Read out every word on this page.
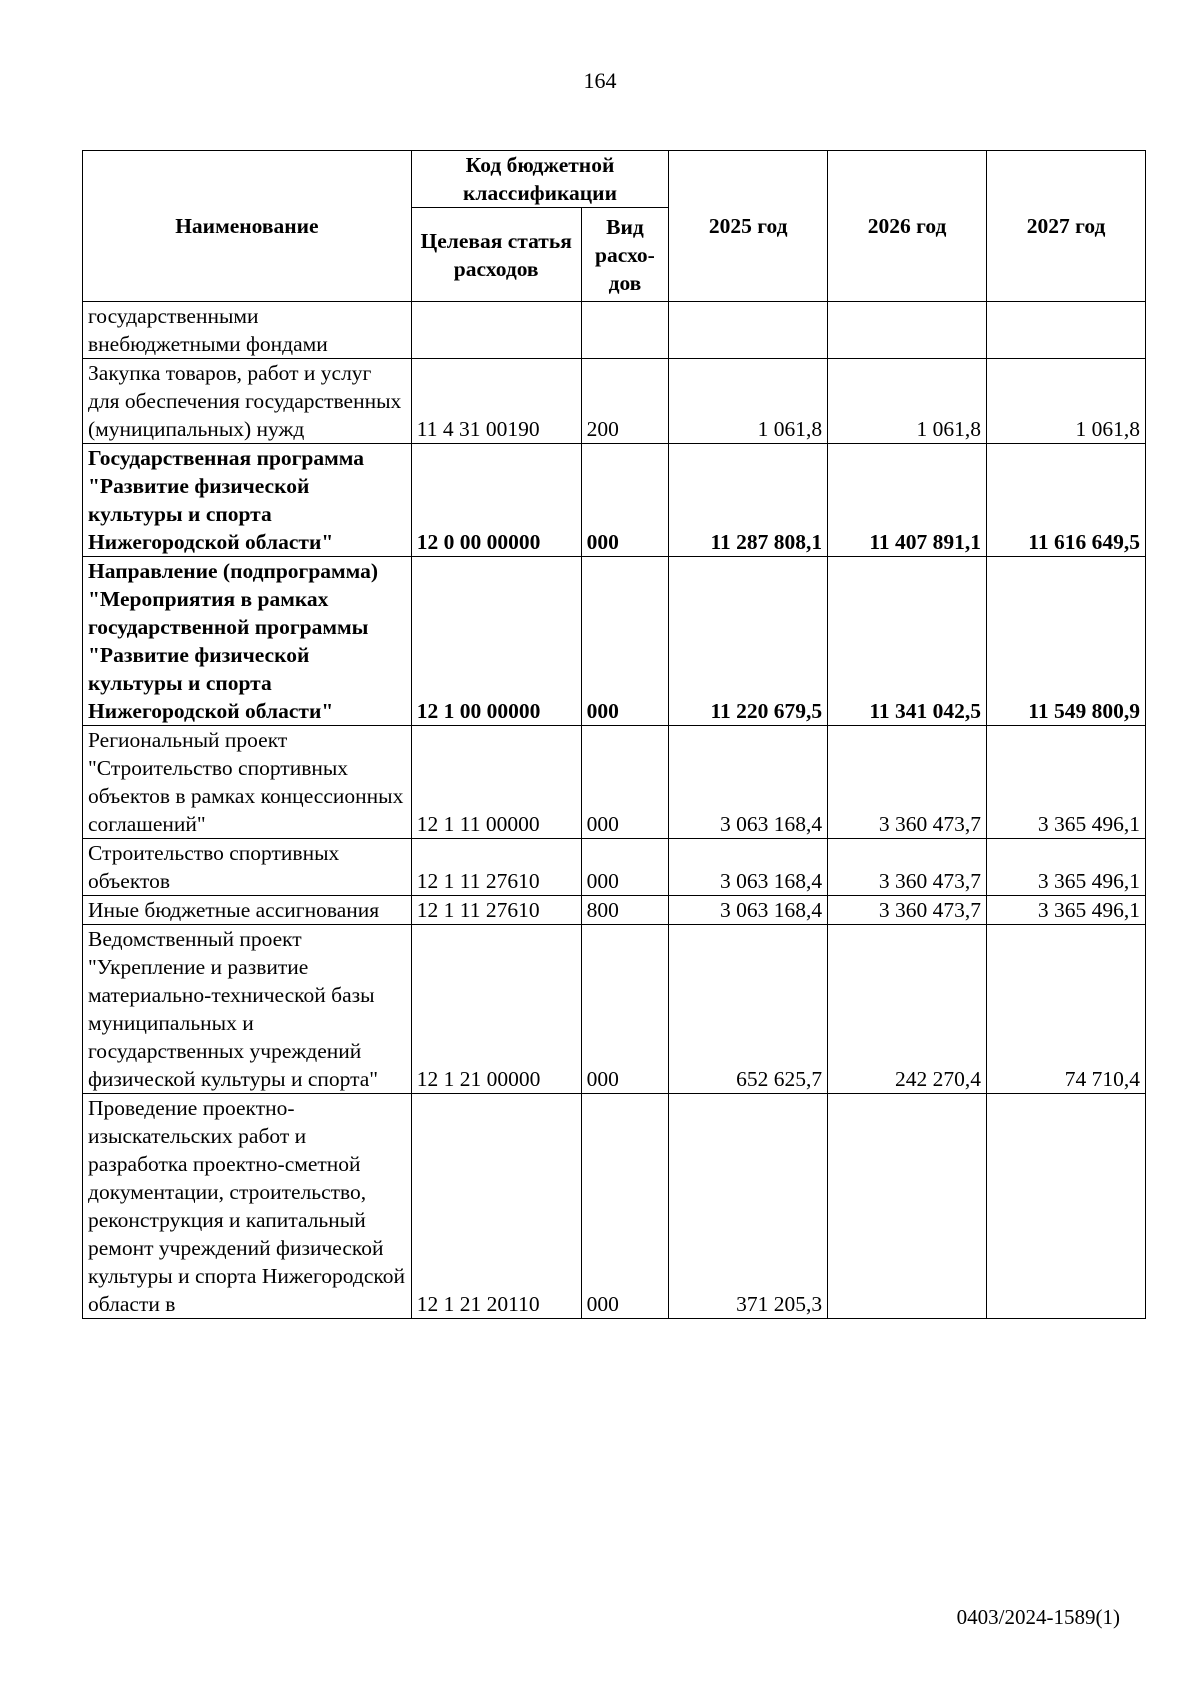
164
Наименование	Код бюджетной классификации		2025 год	2026 год	2027 год
	Целевая статья расходов	Вид расхо- дов			
государственными внебюджетными фондами					
Закупка товаров, работ и услуг для обеспечения государственных (муниципальных) нужд	11 4 31 00190	200	1 061,8	1 061,8	1 061,8
Государственная программа "Развитие физической культуры и спорта Нижегородской области"	12 0 00 00000	000	11 287 808,1	11 407 891,1	11 616 649,5
Направление (подпрограмма) "Мероприятия в рамках государственной программы "Развитие физической культуры и спорта Нижегородской области"	12 1 00 00000	000	11 220 679,5	11 341 042,5	11 549 800,9
Региональный проект "Строительство спортивных объектов в рамках концессионных соглашений"	12 1 11 00000	000	3 063 168,4	3 360 473,7	3 365 496,1
Строительство спортивных объектов	12 1 11 27610	000	3 063 168,4	3 360 473,7	3 365 496,1
Иные бюджетные ассигнования	12 1 11 27610	800	3 063 168,4	3 360 473,7	3 365 496,1
Ведомственный проект "Укрепление и развитие материально-технической базы муниципальных и государственных учреждений физической культуры и спорта"	12 1 21 00000	000	652 625,7	242 270,4	74 710,4
Проведение проектно-изыскательских работ и разработка проектно-сметной документации, строительство, реконструкция и капитальный ремонт учреждений физической культуры и спорта Нижегородской области в	12 1 21 20110	000	371 205,3		
0403/2024-1589(1)
